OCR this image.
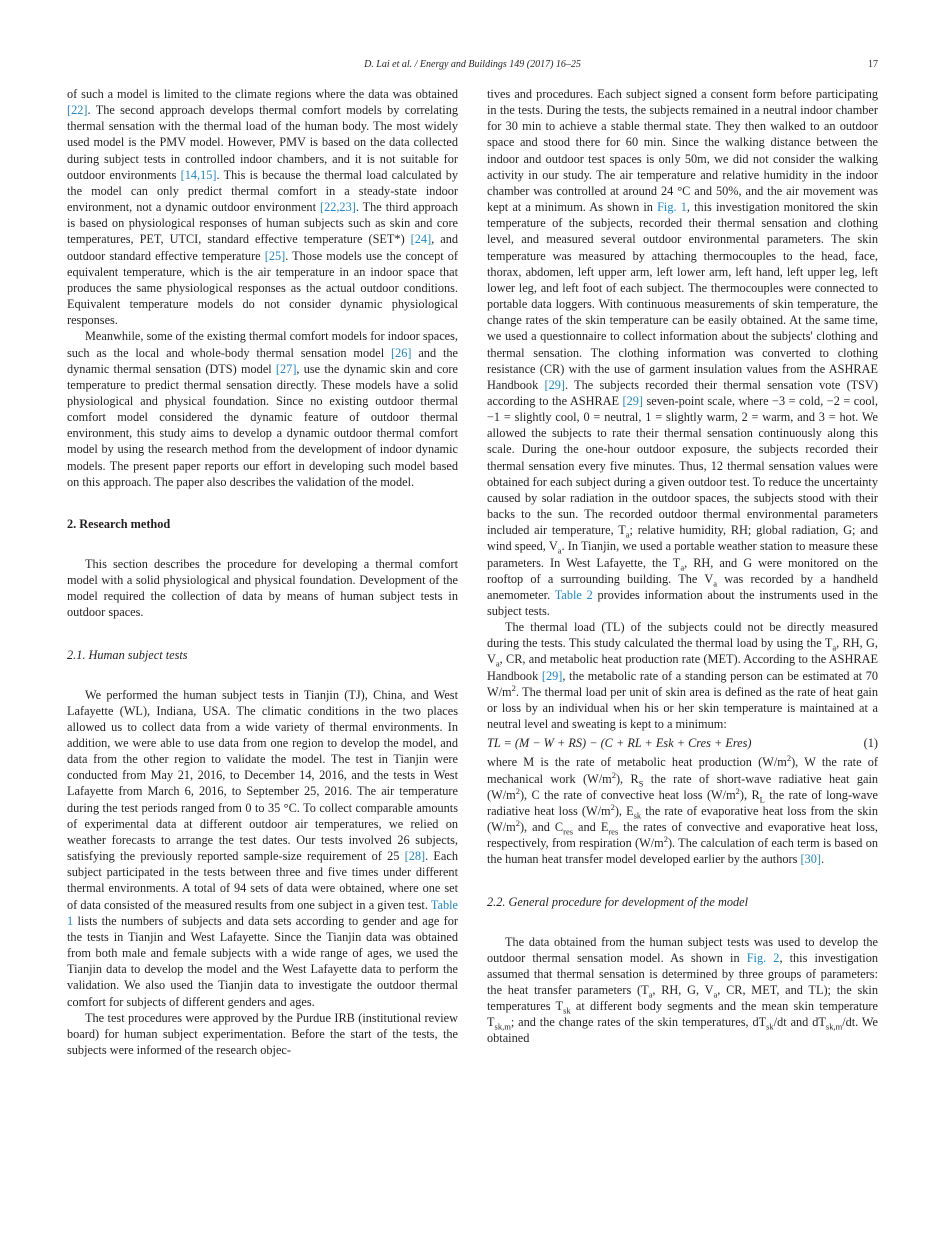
D. Lai et al. / Energy and Buildings 149 (2017) 16–25	17

of such a model is limited to the climate regions where the data was obtained [22]. The second approach develops thermal comfort models by correlating thermal sensation with the thermal load of the human body. The most widely used model is the PMV model. However, PMV is based on the data collected during subject tests in controlled indoor chambers, and it is not suitable for outdoor environments [14,15]. This is because the thermal load calculated by the model can only predict thermal comfort in a steady-state indoor environment, not a dynamic outdoor environment [22,23]. The third approach is based on physiological responses of human subjects such as skin and core temperatures, PET, UTCI, standard effective temperature (SET*) [24], and outdoor standard effective temperature [25]. Those models use the concept of equivalent temperature, which is the air temperature in an indoor space that produces the same physiological responses as the actual outdoor conditions. Equivalent temperature models do not consider dynamic physiological responses.

Meanwhile, some of the existing thermal comfort models for indoor spaces, such as the local and whole-body thermal sensation model [26] and the dynamic thermal sensation (DTS) model [27], use the dynamic skin and core temperature to predict thermal sensation directly. These models have a solid physiological and physical foundation. Since no existing outdoor thermal comfort model considered the dynamic feature of outdoor thermal environment, this study aims to develop a dynamic outdoor thermal comfort model by using the research method from the development of indoor dynamic models. The present paper reports our effort in developing such model based on this approach. The paper also describes the validation of the model.

2. Research method

This section describes the procedure for developing a thermal comfort model with a solid physiological and physical foundation. Development of the model required the collection of data by means of human subject tests in outdoor spaces.

2.1. Human subject tests

We performed the human subject tests in Tianjin (TJ), China, and West Lafayette (WL), Indiana, USA. The climatic conditions in the two places allowed us to collect data from a wide variety of thermal environments. In addition, we were able to use data from one region to develop the model, and data from the other region to validate the model. The test in Tianjin were conducted from May 21, 2016, to December 14, 2016, and the tests in West Lafayette from March 6, 2016, to September 25, 2016. The air temperature during the test periods ranged from 0 to 35 °C. To collect comparable amounts of experimental data at different outdoor air temperatures, we relied on weather forecasts to arrange the test dates. Our tests involved 26 subjects, satisfying the previously reported sample-size requirement of 25 [28]. Each subject participated in the tests between three and five times under different thermal environments. A total of 94 sets of data were obtained, where one set of data consisted of the measured results from one subject in a given test. Table 1 lists the numbers of subjects and data sets according to gender and age for the tests in Tianjin and West Lafayette. Since the Tianjin data was obtained from both male and female subjects with a wide range of ages, we used the Tianjin data to develop the model and the West Lafayette data to perform the validation. We also used the Tianjin data to investigate the outdoor thermal comfort for subjects of different genders and ages.

The test procedures were approved by the Purdue IRB (institutional review board) for human subject experimentation. Before the start of the tests, the subjects were informed of the research objec-

tives and procedures. Each subject signed a consent form before participating in the tests. During the tests, the subjects remained in a neutral indoor chamber for 30 min to achieve a stable thermal state. They then walked to an outdoor space and stood there for 60 min. Since the walking distance between the indoor and outdoor test spaces is only 50m, we did not consider the walking activity in our study. The air temperature and relative humidity in the indoor chamber was controlled at around 24 °C and 50%, and the air movement was kept at a minimum. As shown in Fig. 1, this investigation monitored the skin temperature of the subjects, recorded their thermal sensation and clothing level, and measured several outdoor environmental parameters. The skin temperature was measured by attaching thermocouples to the head, face, thorax, abdomen, left upper arm, left lower arm, left hand, left upper leg, left lower leg, and left foot of each subject. The thermocouples were connected to portable data loggers. With continuous measurements of skin temperature, the change rates of the skin temperature can be easily obtained. At the same time, we used a questionnaire to collect information about the subjects' clothing and thermal sensation. The clothing information was converted to clothing resistance (CR) with the use of garment insulation values from the ASHRAE Handbook [29]. The subjects recorded their thermal sensation vote (TSV) according to the ASHRAE [29] seven-point scale, where −3 = cold, −2 = cool, −1 = slightly cool, 0 = neutral, 1 = slightly warm, 2 = warm, and 3 = hot. We allowed the subjects to rate their thermal sensation continuously along this scale. During the one-hour outdoor exposure, the subjects recorded their thermal sensation every five minutes. Thus, 12 thermal sensation values were obtained for each subject during a given outdoor test. To reduce the uncertainty caused by solar radiation in the outdoor spaces, the subjects stood with their backs to the sun. The recorded outdoor thermal environmental parameters included air temperature, $T_a$; relative humidity, RH; global radiation, G; and wind speed, $V_a$. In Tianjin, we used a portable weather station to measure these parameters. In West Lafayette, the $T_a$, RH, and G were monitored on the rooftop of a surrounding building. The $V_a$ was recorded by a handheld anemometer. Table 2 provides information about the instruments used in the subject tests.

The thermal load (TL) of the subjects could not be directly measured during the tests. This study calculated the thermal load by using the $T_a$, RH, G, $V_a$, CR, and metabolic heat production rate (MET). According to the ASHRAE Handbook [29], the metabolic rate of a standing person can be estimated at 70 $W/m^2$. The thermal load per unit of skin area is defined as the rate of heat gain or loss by an individual when his or her skin temperature is maintained at a neutral level and sweating is kept to a minimum:

TL = (M − W + RS) − (C + RL + Esk + Cres + Eres)	(1)

where M is the rate of metabolic heat production $(W/m^2)$, W the rate of mechanical work $(W/m^2)$, $R_S$ the rate of short-wave radiative heat gain $(W/m^2)$, C the rate of convective heat loss $(W/m^2)$, $R_L$ the rate of long-wave radiative heat loss $(W/m^2)$, $E_{sk}$ the rate of evaporative heat loss from the skin $(W/m^2)$, and $C_{res}$ and $E_{res}$ the rates of convective and evaporative heat loss, respectively, from respiration $(W/m^2)$. The calculation of each term is based on the human heat transfer model developed earlier by the authors [30].

2.2. General procedure for development of the model

The data obtained from the human subject tests was used to develop the outdoor thermal sensation model. As shown in Fig. 2, this investigation assumed that thermal sensation is determined by three groups of parameters: the heat transfer parameters ($T_a$, RH, G, $V_a$, CR, MET, and TL); the skin temperatures $T_{sk}$ at different body segments and the mean skin temperature $T_{sk,m}$; and the change rates of the skin temperatures, $dT_{sk}/dt$ and $dT_{sk,m}/dt$. We obtained
